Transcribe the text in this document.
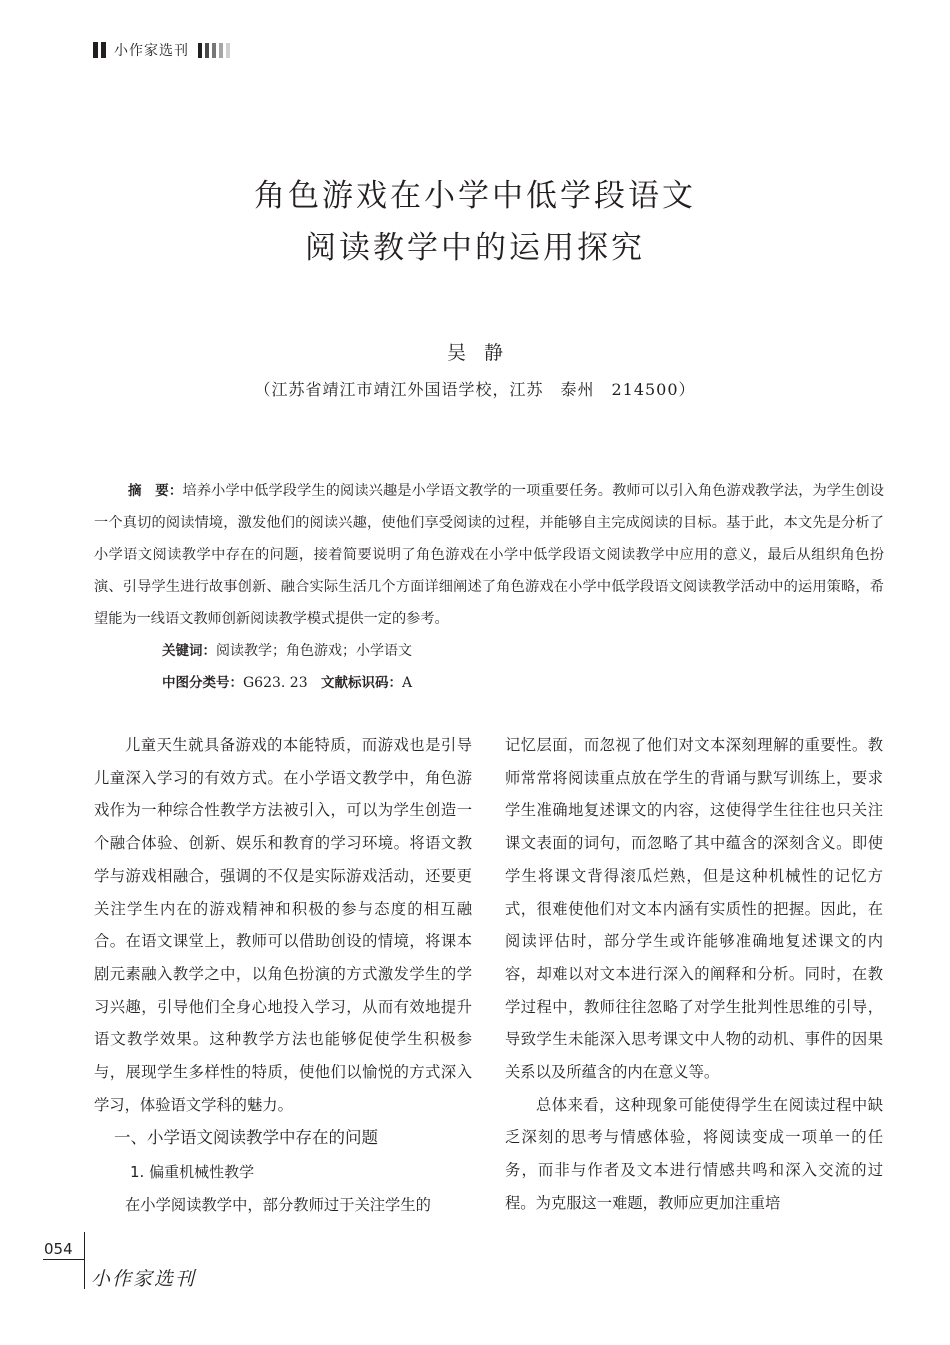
小作家选刊
角色游戏在小学中低学段语文
阅读教学中的运用探究
吴静
（江苏省靖江市靖江外国语学校，江苏　泰州　214500）

摘　要：培养小学中低学段学生的阅读兴趣是小学语文教学的一项重要任务。教师可以引入角色游戏教学法，为学生创设一个真切的阅读情境，激发他们的阅读兴趣，使他们享受阅读的过程，并能够自主完成阅读的目标。基于此，本文先是分析了小学语文阅读教学中存在的问题，接着简要说明了角色游戏在小学中低学段语文阅读教学中应用的意义，最后从组织角色扮演、引导学生进行故事创新、融合实际生活几个方面详细阐述了角色游戏在小学中低学段语文阅读教学活动中的运用策略，希望能为一线语文教师创新阅读教学模式提供一定的参考。

关键词：阅读教学；角色游戏；小学语文

中图分类号：G623. 23 文献标识码：A

儿童天生就具备游戏的本能特质，而游戏也是引导儿童深入学习的有效方式。在小学语文教学中，角色游戏作为一种综合性教学方法被引入，可以为学生创造一个融合体验、创新、娱乐和教育的学习环境。将语文教学与游戏相融合，强调的不仅是实际游戏活动，还要更关注学生内在的游戏精神和积极的参与态度的相互融合。在语文课堂上，教师可以借助创设的情境，将课本剧元素融入教学之中，以角色扮演的方式激发学生的学习兴趣，引导他们全身心地投入学习，从而有效地提升语文教学效果。这种教学方法也能够促使学生积极参与，展现学生多样性的特质，使他们以愉悦的方式深入学习，体验语文学科的魅力。

一、小学语文阅读教学中存在的问题

1. 偏重机械性教学

在小学阅读教学中，部分教师过于关注学生的

记忆层面，而忽视了他们对文本深刻理解的重要性。教师常常将阅读重点放在学生的背诵与默写训练上，要求学生准确地复述课文的内容，这使得学生往往也只关注课文表面的词句，而忽略了其中蕴含的深刻含义。即使学生将课文背得滚瓜烂熟，但是这种机械性的记忆方式，很难使他们对文本内涵有实质性的把握。因此，在阅读评估时，部分学生或许能够准确地复述课文的内容，却难以对文本进行深入的阐释和分析。同时，在教学过程中，教师往往忽略了对学生批判性思维的引导，导致学生未能深入思考课文中人物的动机、事件的因果关系以及所蕴含的内在意义等。

总体来看，这种现象可能使得学生在阅读过程中缺乏深刻的思考与情感体验，将阅读变成一项单一的任务，而非与作者及文本进行情感共鸣和深入交流的过程。为克服这一难题，教师应更加注重培

054
小作家选刊
